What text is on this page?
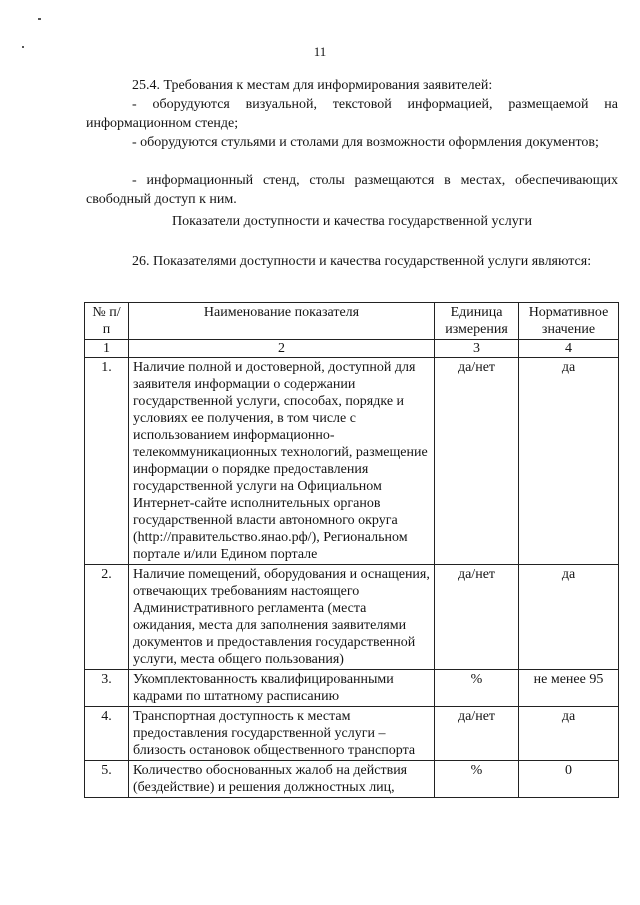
11

25.4. Требования к местам для информирования заявителей:

- оборудуются визуальной, текстовой информацией, размещаемой на информационном стенде;

- оборудуются стульями и столами для возможности оформления документов;

- информационный стенд, столы размещаются в местах, обеспечивающих свободный доступ к ним.

Показатели доступности и качества государственной услуги

26. Показателями доступности и качества государственной услуги являются:

№ п/п	Наименование показателя	Единица измерения	Нормативное значение
1	2	3	4
1.	Наличие полной и достоверной, доступной для заявителя информации о содержании государственной услуги, способах, порядке и условиях ее получения, в том числе с использованием информационно-телекоммуникационных технологий, размещение информации о порядке предоставления государственной услуги на Официальном Интернет-сайте исполнительных органов государственной власти автономного округа (http://правительство.янао.рф/), Региональном портале и/или Едином портале	да/нет	да
2.	Наличие помещений, оборудования и оснащения, отвечающих требованиям настоящего Административного регламента (места ожидания, места для заполнения заявителями документов и предоставления государственной услуги, места общего пользования)	да/нет	да
3.	Укомплектованность квалифицированными кадрами по штатному расписанию	%	не менее 95
4.	Транспортная доступность к местам предоставления государственной услуги – близость остановок общественного транспорта	да/нет	да
5.	Количество обоснованных жалоб на действия (бездействие) и решения должностных лиц,	%	0
